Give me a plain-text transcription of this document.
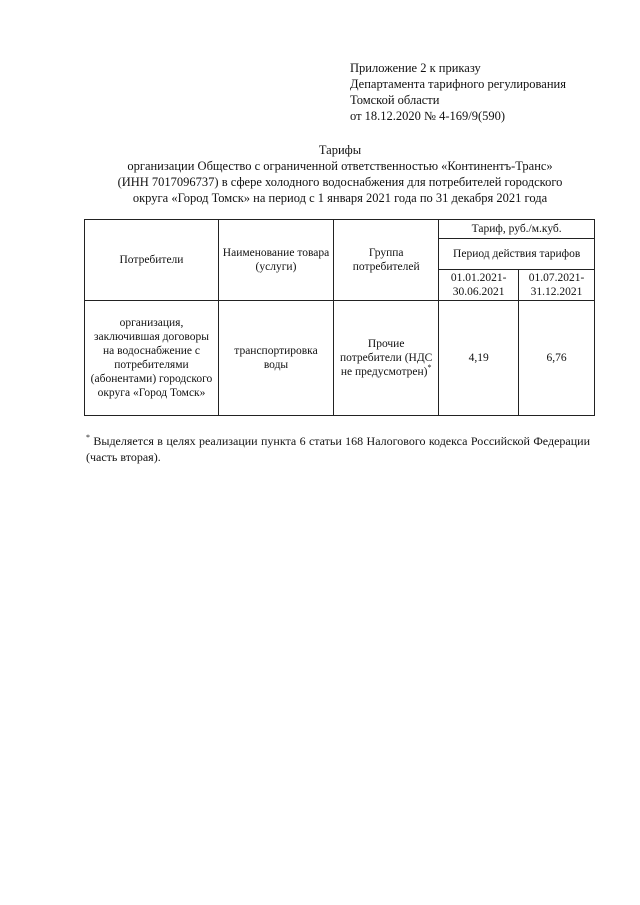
Приложение 2 к приказу
Департамента тарифного регулирования
Томской области
от 18.12.2020 № 4-169/9(590)
Тарифы
организации Общество с ограниченной ответственностью «Континентъ-Транс»
(ИНН 7017096737) в сфере холодного водоснабжения для потребителей городского
округа «Город Томск» на период с 1 января 2021 года по 31 декабря 2021 года
Потребители	Наименование товара (услуги)	Группа потребителей	Тариф, руб./м.куб.	
			Период действия тарифов	
			01.01.2021-30.06.2021	01.07.2021-31.12.2021
организация, заключившая договоры на водоснабжение с потребителями (абонентами) городского округа «Город Томск»	транспортировка воды	Прочие потребители (НДС не предусмотрен)*	4,19	6,76
* Выделяется в целях реализации пункта 6 статьи 168 Налогового кодекса Российской Федерации (часть вторая).
